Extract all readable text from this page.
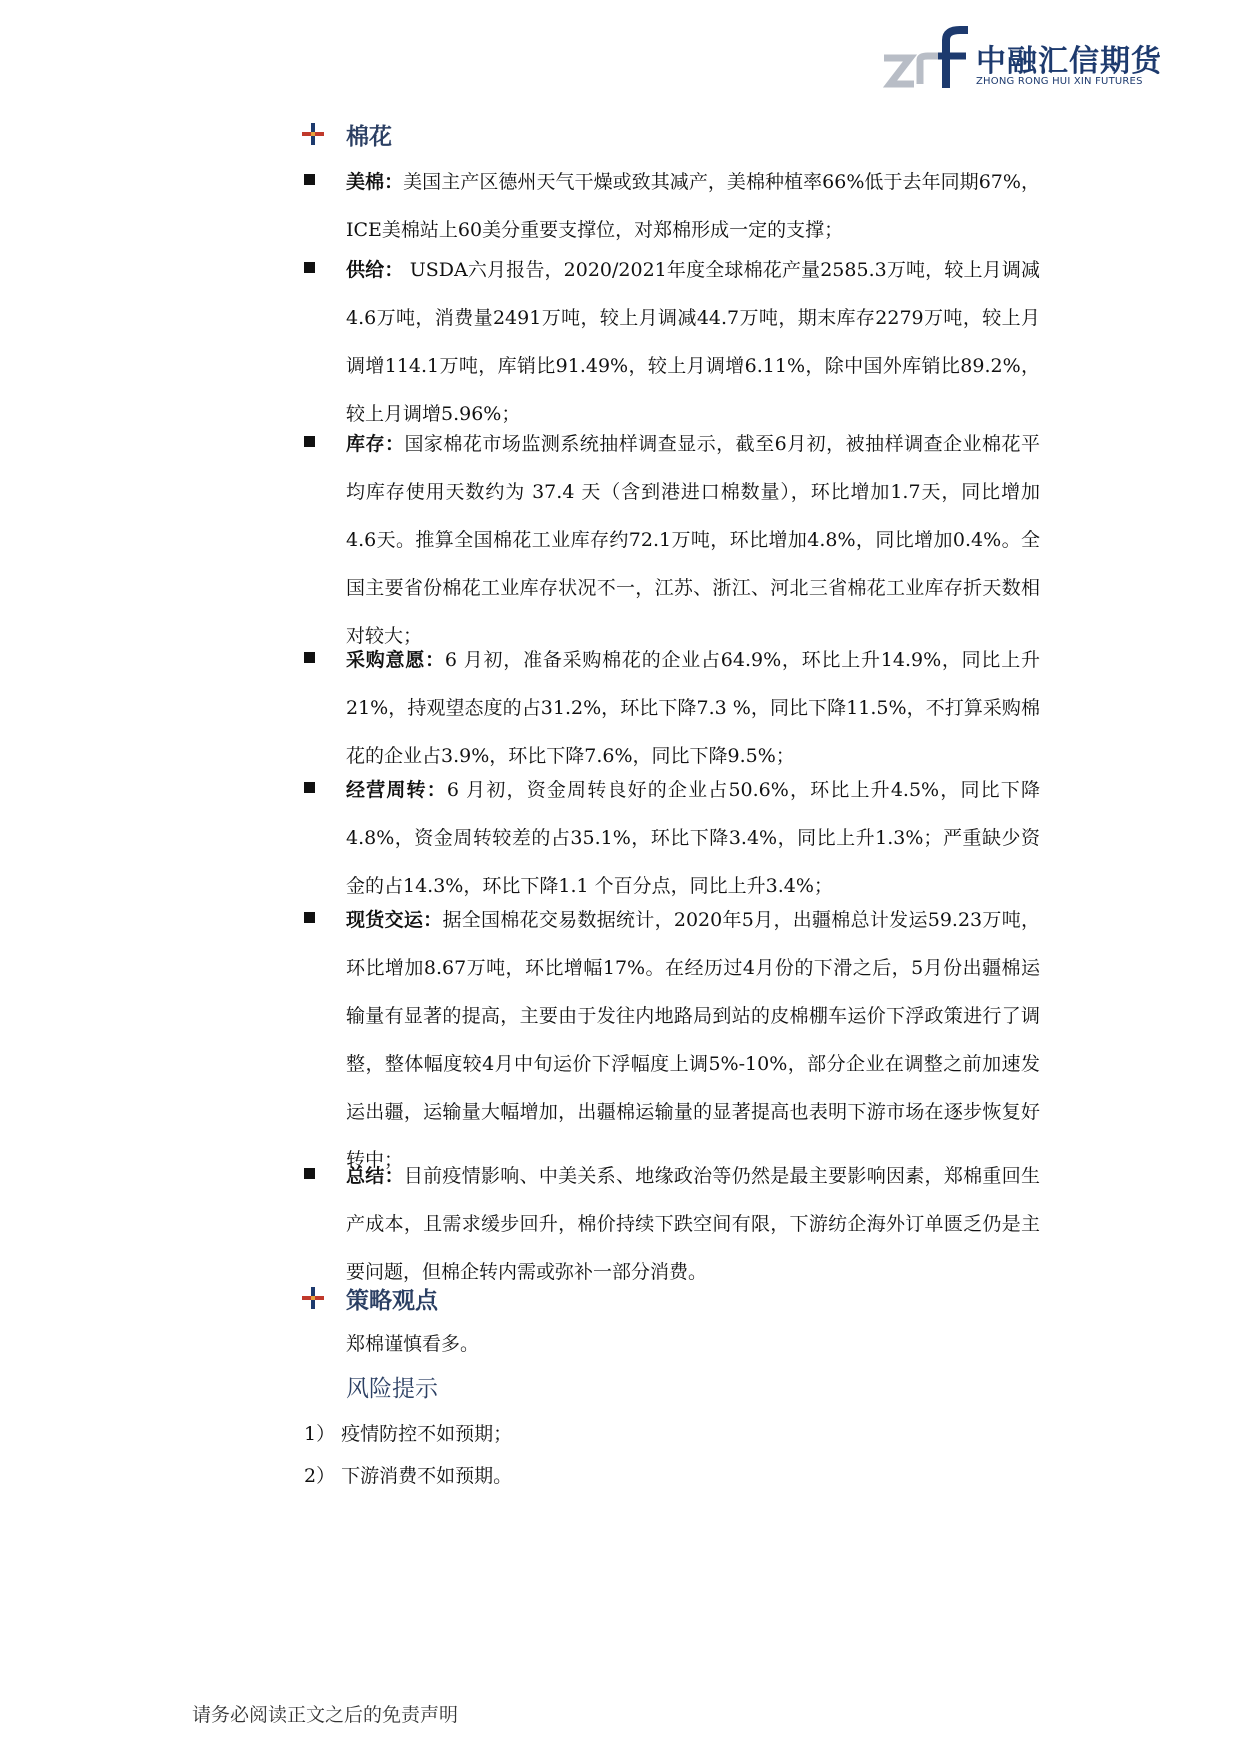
中融汇信期货
ZHONG RONG HUI XIN FUTURES
棉花
美棉：美国主产区德州天气干燥或致其减产，美棉种植率66%低于去年同期67%，ICE美棉站上60美分重要支撑位，对郑棉形成一定的支撑；
供给： USDA六月报告，2020/2021年度全球棉花产量2585.3万吨，较上月调减4.6万吨，消费量2491万吨，较上月调减44.7万吨，期末库存2279万吨，较上月调增114.1万吨，库销比91.49%，较上月调增6.11%，除中国外库销比89.2%，较上月调增5.96%；
库存：国家棉花市场监测系统抽样调查显示，截至6月初，被抽样调查企业棉花平均库存使用天数约为 37.4 天（含到港进口棉数量），环比增加1.7天，同比增加4.6天。推算全国棉花工业库存约72.1万吨，环比增加4.8%，同比增加0.4%。全国主要省份棉花工业库存状况不一，江苏、浙江、河北三省棉花工业库存折天数相对较大；
采购意愿：6 月初，准备采购棉花的企业占64.9%，环比上升14.9%，同比上升21%，持观望态度的占31.2%，环比下降7.3 %，同比下降11.5%，不打算采购棉花的企业占3.9%，环比下降7.6%，同比下降9.5%；
经营周转：6 月初，资金周转良好的企业占50.6%，环比上升4.5%，同比下降4.8%，资金周转较差的占35.1%，环比下降3.4%，同比上升1.3%；严重缺少资金的占14.3%，环比下降1.1 个百分点，同比上升3.4%；
现货交运：据全国棉花交易数据统计，2020年5月，出疆棉总计发运59.23万吨，环比增加8.67万吨，环比增幅17%。在经历过4月份的下滑之后，5月份出疆棉运输量有显著的提高，主要由于发往内地路局到站的皮棉棚车运价下浮政策进行了调整，整体幅度较4月中旬运价下浮幅度上调5%-10%，部分企业在调整之前加速发运出疆，运输量大幅增加，出疆棉运输量的显著提高也表明下游市场在逐步恢复好转中；
总结：目前疫情影响、中美关系、地缘政治等仍然是最主要影响因素，郑棉重回生产成本，且需求缓步回升，棉价持续下跌空间有限，下游纺企海外订单匮乏仍是主要问题，但棉企转内需或弥补一部分消费。
策略观点
郑棉谨慎看多。
风险提示
1） 疫情防控不如预期；
2） 下游消费不如预期。
请务必阅读正文之后的免责声明
